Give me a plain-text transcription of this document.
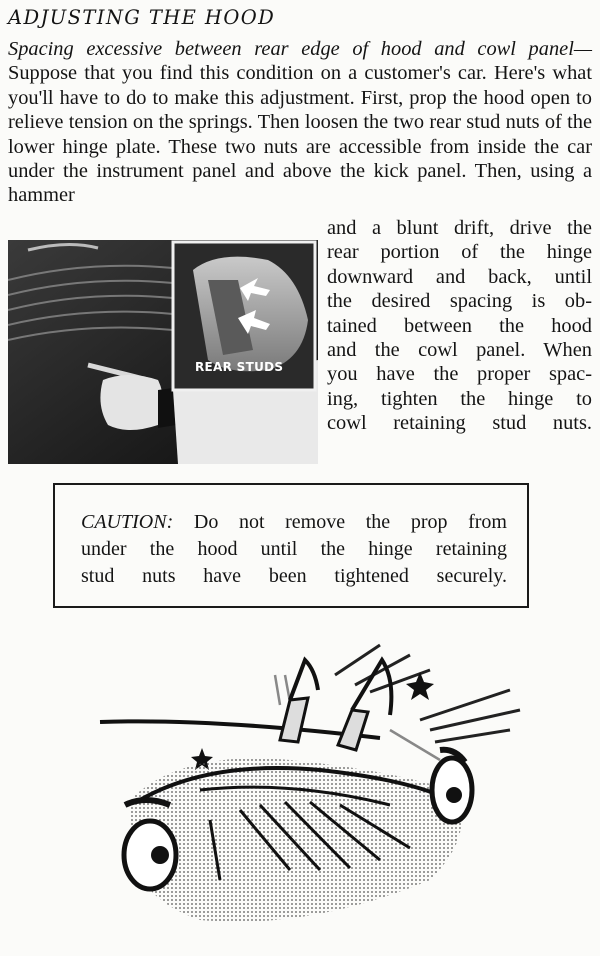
ADJUSTING THE HOOD

Spacing excessive between rear edge of hood and cowl panel— Suppose that you find this condition on a customer's car. Here's what you'll have to do to make this adjustment. First, prop the hood open to relieve tension on the springs. Then loosen the two rear stud nuts of the lower hinge plate. These two nuts are accessible from inside the car under the instrument panel and above the kick panel. Then, using a hammer

REAR STUDS
and a blunt drift, drive the
rear portion of the hinge
downward and back, until
the desired spacing is ob-
tained between the hood
and the cowl panel. When
you have the proper spac-
ing, tighten the hinge to
cowl retaining stud nuts.

CAUTION: Do not remove the prop from
under the hood until the hinge retaining
stud nuts have been tightened securely.
